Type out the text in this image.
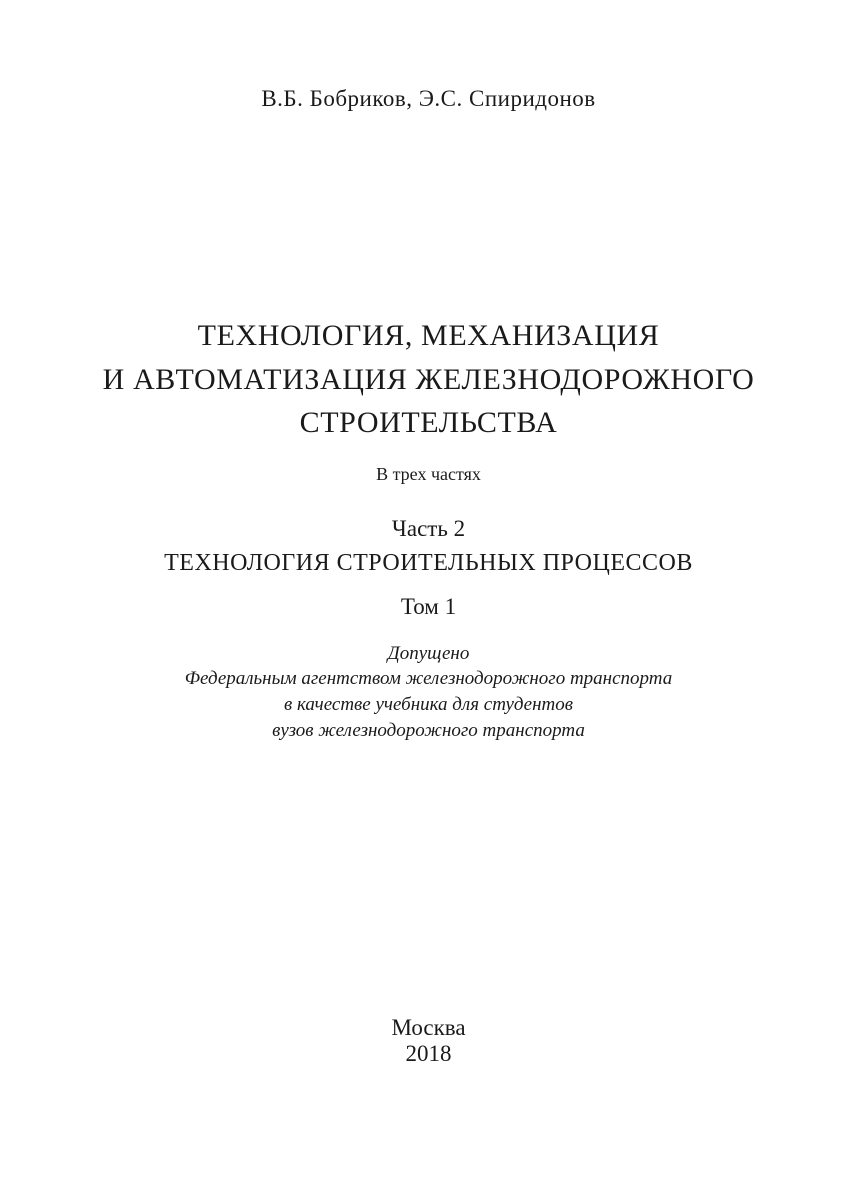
В.Б. Бобриков, Э.С. Спиридонов

ТЕХНОЛОГИЯ, МЕХАНИЗАЦИЯ

И АВТОМАТИЗАЦИЯ ЖЕЛЕЗНОДОРОЖНОГО

СТРОИТЕЛЬСТВА

В трех частях

Часть 2

ТЕХНОЛОГИЯ СТРОИТЕЛЬНЫХ ПРОЦЕССОВ

Том 1

Допущено

Федеральным агентством железнодорожного транспорта

в качестве учебника для студентов

вузов железнодорожного транспорта

Москва

2018
